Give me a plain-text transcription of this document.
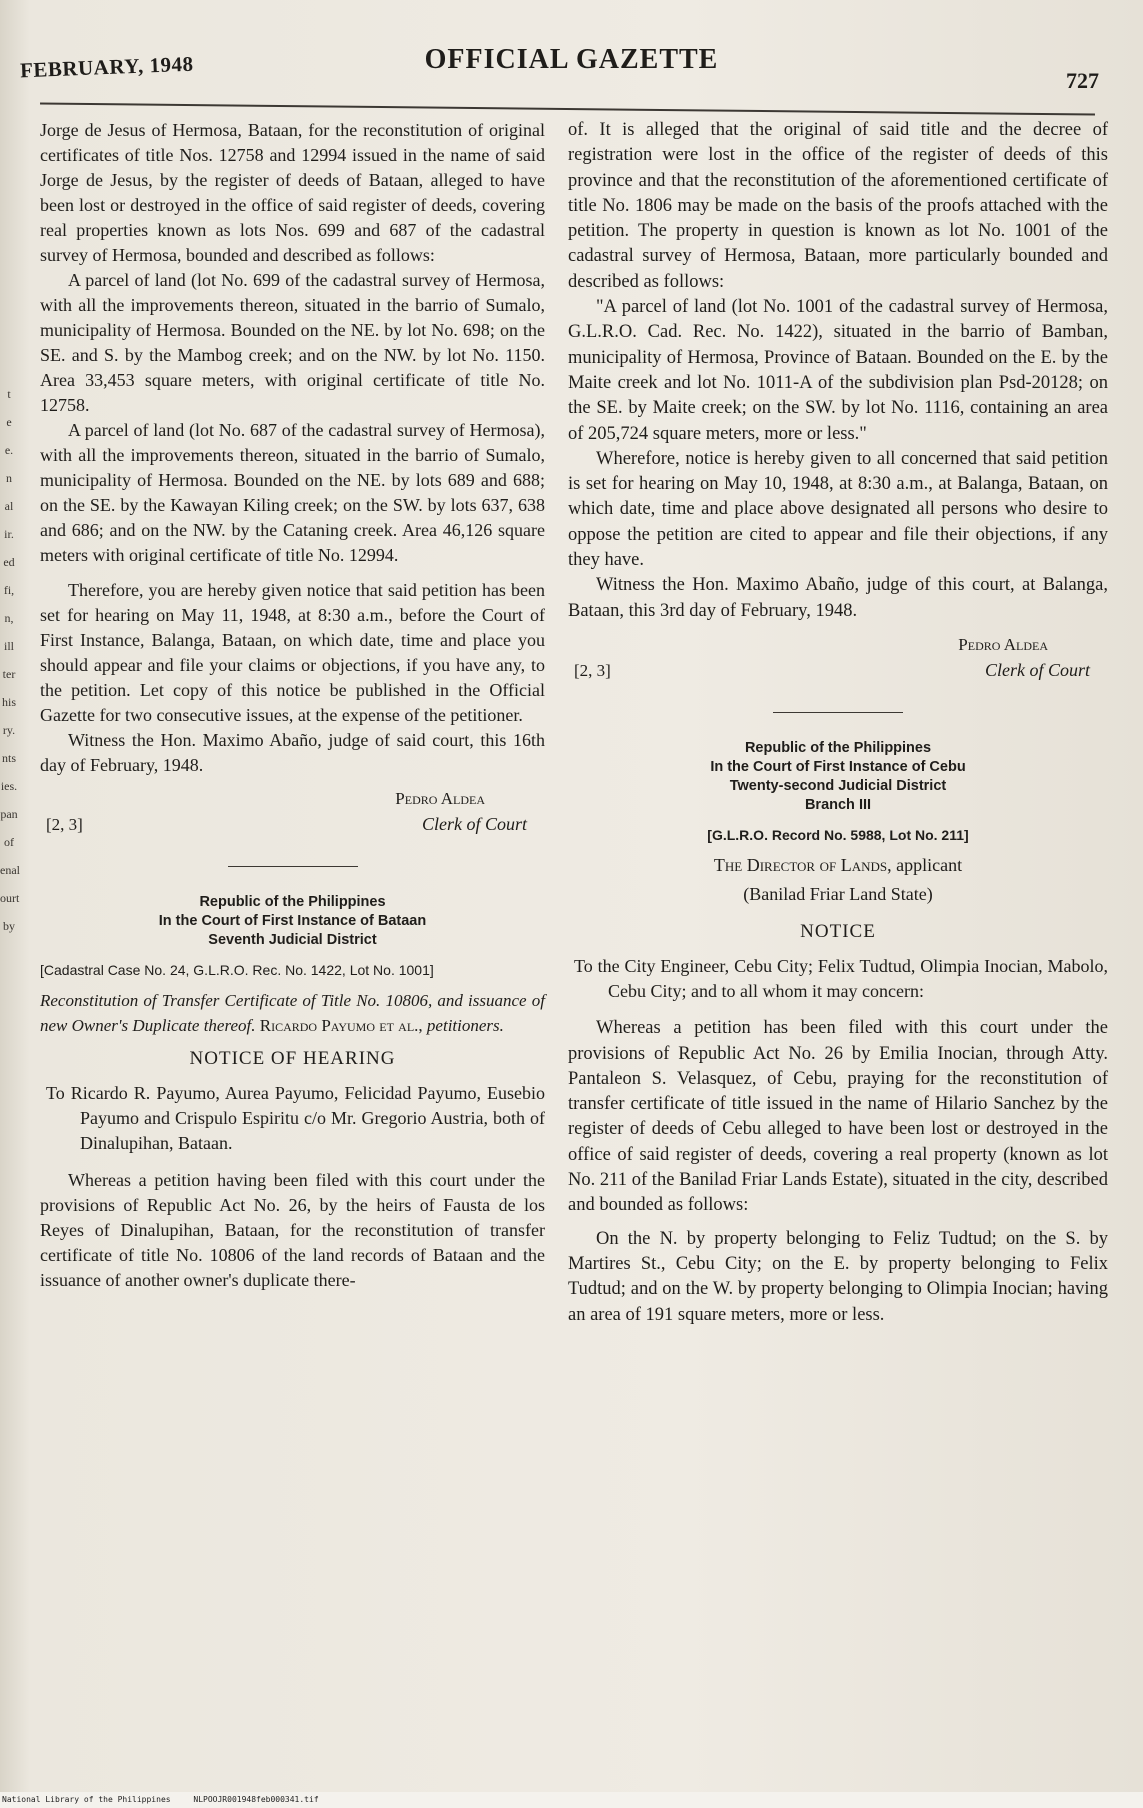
t
e
e.
n
al
ir.
ed
fi,
n,
ill
ter
his
ry.
nts
ies.
pan
of
enal
ourt
by
FEBRUARY, 1948	OFFICIAL GAZETTE
727

Jorge de Jesus of Hermosa, Bataan, for the reconstitution of original certificates of title Nos. 12758 and 12994 issued in the name of said Jorge de Jesus, by the register of deeds of Bataan, alleged to have been lost or destroyed in the office of said register of deeds, covering real properties known as lots Nos. 699 and 687 of the cadastral survey of Hermosa, bounded and described as follows:

A parcel of land (lot No. 699 of the cadastral survey of Hermosa, with all the improvements thereon, situated in the barrio of Sumalo, municipality of Hermosa. Bounded on the NE. by lot No. 698; on the SE. and S. by the Mambog creek; and on the NW. by lot No. 1150. Area 33,453 square meters, with original certificate of title No. 12758.

A parcel of land (lot No. 687 of the cadastral survey of Hermosa), with all the improvements thereon, situated in the barrio of Sumalo, municipality of Hermosa. Bounded on the NE. by lots 689 and 688; on the SE. by the Kawayan Kiling creek; on the SW. by lots 637, 638 and 686; and on the NW. by the Cataning creek. Area 46,126 square meters with original certificate of title No. 12994.

Therefore, you are hereby given notice that said petition has been set for hearing on May 11, 1948, at 8:30 a.m., before the Court of First Instance, Balanga, Bataan, on which date, time and place you should appear and file your claims or objections, if you have any, to the petition. Let copy of this notice be published in the Official Gazette for two consecutive issues, at the expense of the petitioner.

Witness the Hon. Maximo Abaño, judge of said court, this 16th day of February, 1948.

Pedro Aldea
Clerk of Court
[2, 3]
Republic of the Philippines
In the Court of First Instance of Bataan
Seventh Judicial District
[Cadastral Case No. 24, G.L.R.O. Rec. No. 1422, Lot No. 1001]
Reconstitution of Transfer Certificate of Title No. 10806, and issuance of new Owner's Duplicate thereof. Ricardo Payumo et al., petitioners.
NOTICE OF HEARING
To Ricardo R. Payumo, Aurea Payumo, Felicidad Payumo, Eusebio Payumo and Crispulo Espiritu c/o Mr. Gregorio Austria, both of Dinalupihan, Bataan.

Whereas a petition having been filed with this court under the provisions of Republic Act No. 26, by the heirs of Fausta de los Reyes of Dinalupihan, Bataan, for the reconstitution of transfer certificate of title No. 10806 of the land records of Bataan and the issuance of another owner's duplicate there-

of. It is alleged that the original of said title and the decree of registration were lost in the office of the register of deeds of this province and that the reconstitution of the aforementioned certificate of title No. 1806 may be made on the basis of the proofs attached with the petition. The property in question is known as lot No. 1001 of the cadastral survey of Hermosa, Bataan, more particularly bounded and described as follows:

"A parcel of land (lot No. 1001 of the cadastral survey of Hermosa, G.L.R.O. Cad. Rec. No. 1422), situated in the barrio of Bamban, municipality of Hermosa, Province of Bataan. Bounded on the E. by the Maite creek and lot No. 1011-A of the subdivision plan Psd-20128; on the SE. by Maite creek; on the SW. by lot No. 1116, containing an area of 205,724 square meters, more or less."

Wherefore, notice is hereby given to all concerned that said petition is set for hearing on May 10, 1948, at 8:30 a.m., at Balanga, Bataan, on which date, time and place above designated all persons who desire to oppose the petition are cited to appear and file their objections, if any they have.

Witness the Hon. Maximo Abaño, judge of this court, at Balanga, Bataan, this 3rd day of February, 1948.

Pedro Aldea
Clerk of Court
[2, 3]
Republic of the Philippines
In the Court of First Instance of Cebu
Twenty-second Judicial District
Branch III
[G.L.R.O. Record No. 5988, Lot No. 211]
The Director of Lands, applicant
(Banilad Friar Land State)
NOTICE
To the City Engineer, Cebu City; Felix Tudtud, Olimpia Inocian, Mabolo, Cebu City; and to all whom it may concern:

Whereas a petition has been filed with this court under the provisions of Republic Act No. 26 by Emilia Inocian, through Atty. Pantaleon S. Velasquez, of Cebu, praying for the reconstitution of transfer certificate of title issued in the name of Hilario Sanchez by the register of deeds of Cebu alleged to have been lost or destroyed in the office of said register of deeds, covering a real property (known as lot No. 211 of the Banilad Friar Lands Estate), situated in the city, described and bounded as follows:

On the N. by property belonging to Feliz Tudtud; on the S. by Martires St., Cebu City; on the E. by property belonging to Felix Tudtud; and on the W. by property belonging to Olimpia Inocian; having an area of 191 square meters, more or less.

National Library of the Philippines	NLPOOJR001948feb000341.tif
